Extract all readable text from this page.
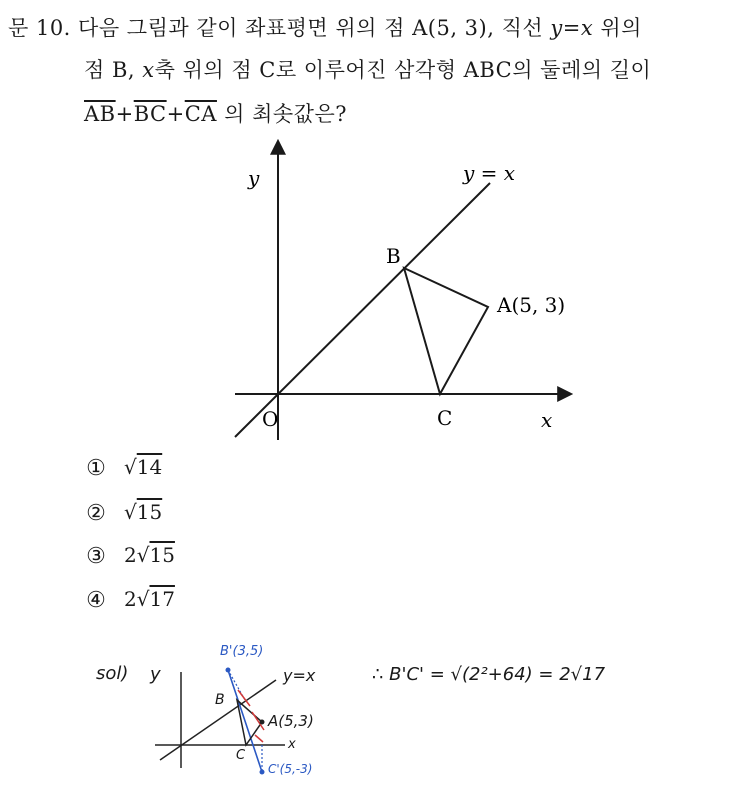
문 10. 다음 그림과 같이 좌표평면 위의 점 A(5, 3), 직선 y=x 위의
점 B, x축 위의 점 C로 이루어진 삼각형 ABC의 둘레의 길이
$\overline{AB}+\overline{BC}+\overline{CA}$ 의 최솟값은?
y
x
O
y = x
B
A(5, 3)
C
① √14
② √15
③ 2√15
④ 2√17
sol) y
B'(3,5)
y=x
B
A(5,3)
x
C
C'(5,-3)
∴ B'C' = √(2²+64) = 2√17
